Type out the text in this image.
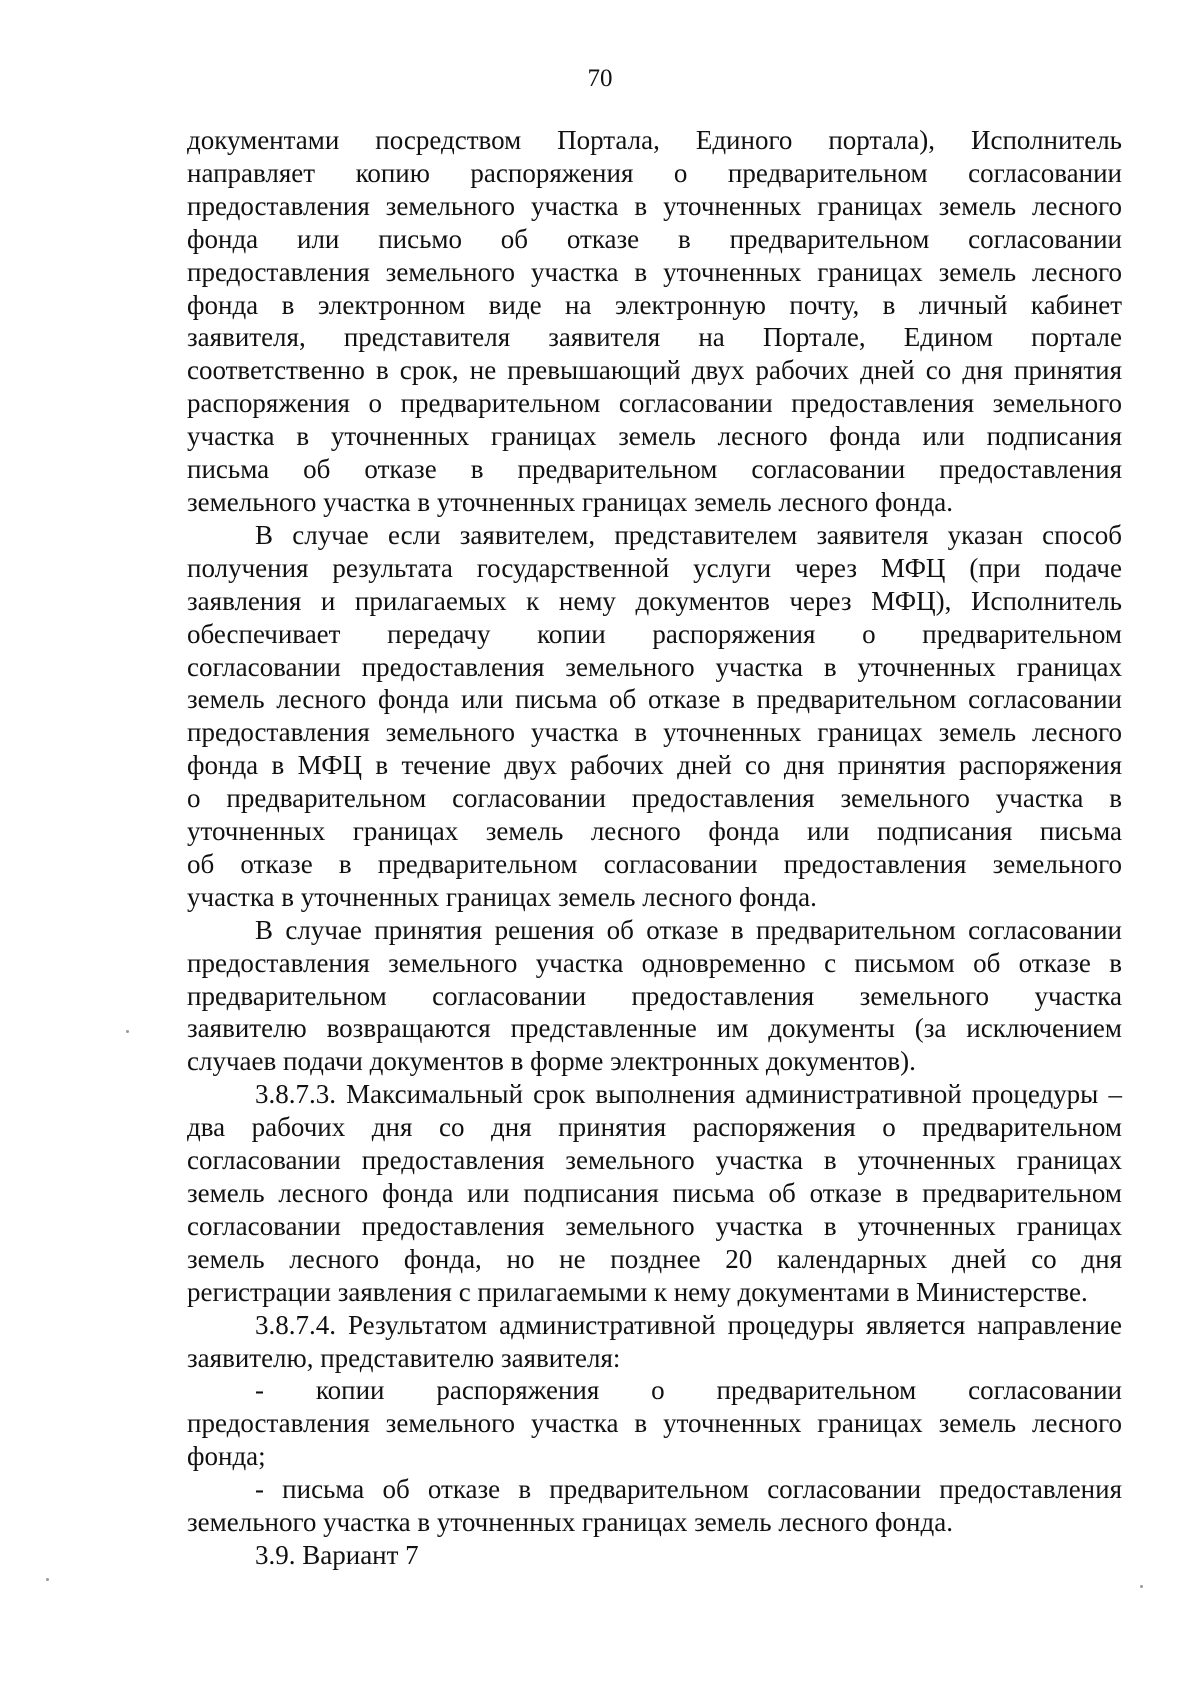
70
документами посредством Портала, Единого портала), Исполнитель
направляет копию распоряжения о предварительном согласовании
предоставления земельного участка в уточненных границах земель лесного
фонда или письмо об отказе в предварительном согласовании
предоставления земельного участка в уточненных границах земель лесного
фонда в электронном виде на электронную почту, в личный кабинет
заявителя, представителя заявителя на Портале, Едином портале
соответственно в срок, не превышающий двух рабочих дней со дня принятия
распоряжения о предварительном согласовании предоставления земельного
участка в уточненных границах земель лесного фонда или подписания
письма об отказе в предварительном согласовании предоставления
земельного участка в уточненных границах земель лесного фонда.
В случае если заявителем, представителем заявителя указан способ
получения результата государственной услуги через МФЦ (при подаче
заявления и прилагаемых к нему документов через МФЦ), Исполнитель
обеспечивает передачу копии распоряжения о предварительном
согласовании предоставления земельного участка в уточненных границах
земель лесного фонда или письма об отказе в предварительном согласовании
предоставления земельного участка в уточненных границах земель лесного
фонда в МФЦ в течение двух рабочих дней со дня принятия распоряжения
о предварительном согласовании предоставления земельного участка в
уточненных границах земель лесного фонда или подписания письма
об отказе в предварительном согласовании предоставления земельного
участка в уточненных границах земель лесного фонда.
В случае принятия решения об отказе в предварительном согласовании
предоставления земельного участка одновременно с письмом об отказе в
предварительном согласовании предоставления земельного участка
заявителю возвращаются представленные им документы (за исключением
случаев подачи документов в форме электронных документов).
3.8.7.3. Максимальный срок выполнения административной процедуры –
два рабочих дня со дня принятия распоряжения о предварительном
согласовании предоставления земельного участка в уточненных границах
земель лесного фонда или подписания письма об отказе в предварительном
согласовании предоставления земельного участка в уточненных границах
земель лесного фонда, но не позднее 20 календарных дней со дня
регистрации заявления с прилагаемыми к нему документами в Министерстве.
3.8.7.4. Результатом административной процедуры является направление
заявителю, представителю заявителя:
- копии распоряжения о предварительном согласовании
предоставления земельного участка в уточненных границах земель лесного
фонда;
- письма об отказе в предварительном согласовании предоставления
земельного участка в уточненных границах земель лесного фонда.
3.9. Вариант 7
